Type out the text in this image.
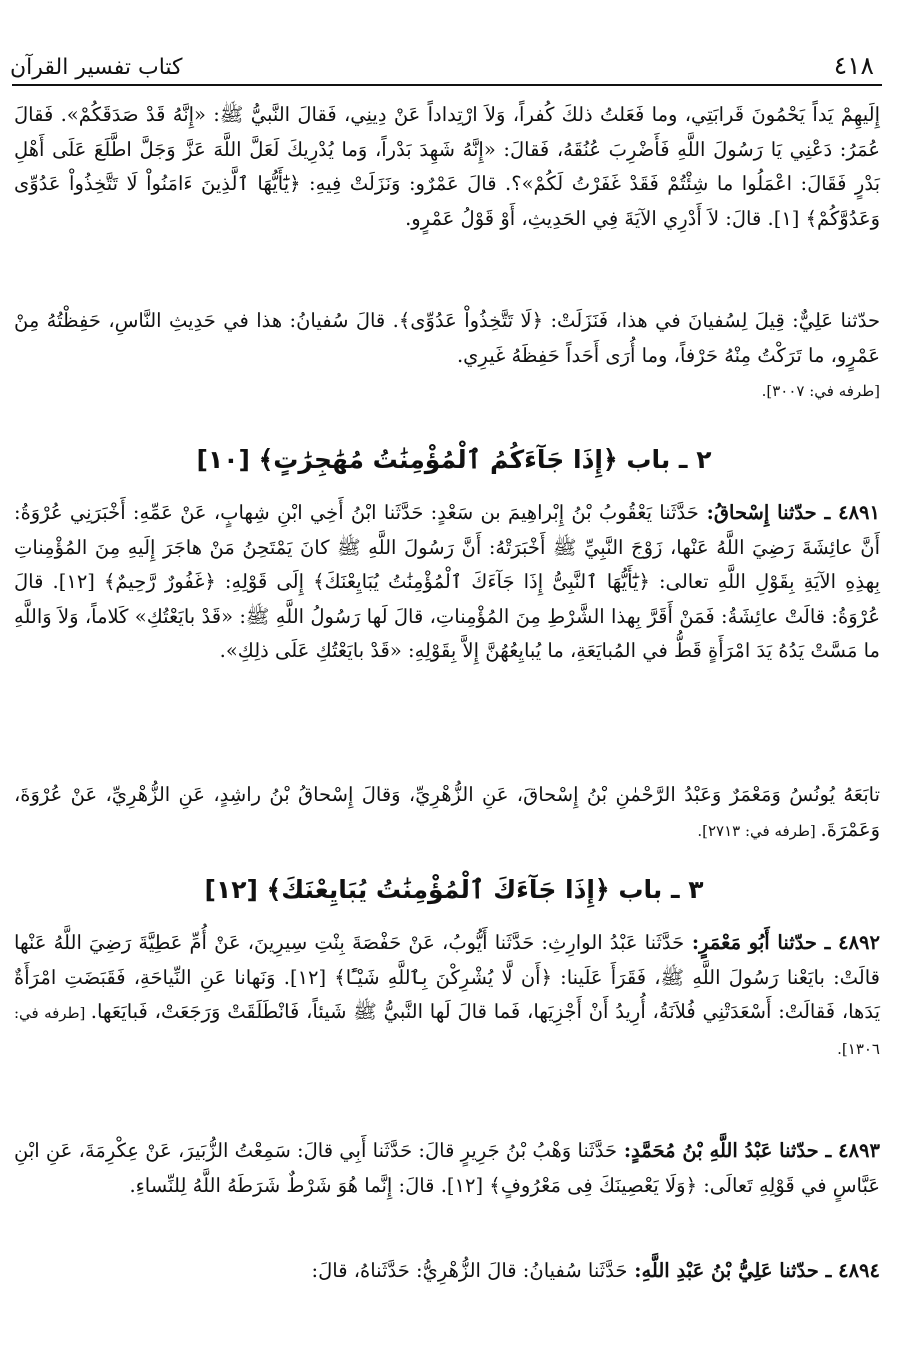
٤١٨
كتاب تفسير القرآن
إِلَيهِمْ يَداً يَحْمُونَ قَرابَتِي، وما فَعَلتُ ذلكَ كُفراً، وَلاَ ارْتِداداً عَنْ دِينِي، فَقالَ النَّبيُّ ﷺ: «إِنَّهُ قَدْ صَدَقَكُمْ». فَقالَ عُمَرُ: دَعْنِي يَا رَسُولَ اللَّهِ فَأَضْرِبَ عُنُقَهُ، فَقالَ: «إِنَّهُ شَهِدَ بَدْراً، وَما يُدْرِيكَ لَعَلَّ اللَّهَ عَزَّ وَجَلَّ اطَّلَعَ عَلَى أَهْلِ بَدْرٍ فَقَالَ: اعْمَلُوا ما شِئْتُمْ فَقَدْ غَفَرْتُ لَكُمْ»؟. قالَ عَمْرٌو: وَنَزَلَتْ فِيهِ: ﴿يَٰٓأَيُّهَا ٱلَّذِينَ ءَامَنُواْ لَا تَتَّخِذُواْ عَدُوِّى وَعَدُوَّكُمْ﴾ [١]. قالَ: لاَ أَدْرِي الآيَةَ فِي الحَدِيثِ، أَوْ قَوْلُ عَمْرٍو.
حدّثنا عَلِيٌّ: قِيلَ لِسُفيانَ في هذا، فَنَزَلَتْ: ﴿لَا تَتَّخِذُواْ عَدُوِّى﴾. قالَ سُفيانُ: هذا في حَدِيثِ النَّاسِ، حَفِظْتُهُ مِنْ عَمْرٍو، ما تَرَكْتُ مِنْهُ حَرْفاً، وما أُرَى أَحَداً حَفِظَهُ غَيرِي.
[طرفه في: ٣٠٠٧].
٢ ـ باب ﴿إِذَا جَآءَكُمُ ٱلْمُؤْمِنَٰتُ مُهَٰجِرَٰتٍ﴾ [١٠]
٤٨٩١ ـ حدّثنا إِسْحاقُ: حَدَّثَنا يَعْقُوبُ بْنُ إِبْراهِيمَ بن سَعْدٍ: حَدَّثَنا ابْنُ أَخِي ابْنِ شِهابٍ، عَنْ عَمِّهِ: أَخْبَرَنِي عُرْوَةُ: أَنَّ عائِشَةَ رَضِيَ اللَّهُ عَنْها، زَوْجَ النَّبِيِّ ﷺ أَخْبَرَتْهُ: أَنَّ رَسُولَ اللَّهِ ﷺ كانَ يَمْتَحِنُ مَنْ هاجَرَ إِلَيهِ مِنَ المُؤْمِناتِ بِهذِهِ الآيَةِ بِقَوْلِ اللَّهِ تعالى: ﴿يَٰٓأَيُّهَا ٱلنَّبِىُّ إِذَا جَآءَكَ ٱلْمُؤْمِنَٰتُ يُبَايِعْنَكَ﴾ إِلَى قَوْلِهِ: ﴿غَفُورٌ رَّحِيمٌ﴾ [١٢]. قالَ عُرْوَةُ: قالَتْ عائِشَةُ: فَمَنْ أَقَرَّ بِهذا الشَّرْطِ مِنَ المُؤْمِناتِ، قالَ لَها رَسُولُ اللَّهِ ﷺ: «قَدْ بايَعْتُكِ» كَلاماً، وَلاَ وَاللَّهِ ما مَسَّتْ يَدُهُ يَدَ امْرَأَةٍ قَطُّ في المُبايَعَةِ، ما يُبايِعُهُنَّ إِلاَّ بِقَوْلِهِ: «قَدْ بايَعْتُكِ عَلَى ذلِكِ».
تابَعَهُ يُونُسُ وَمَعْمَرٌ وَعَبْدُ الرَّحْمٰنِ بْنُ إِسْحاقَ، عَنِ الزُّهْرِيِّ، وَقالَ إِسْحاقُ بْنُ راشِدٍ، عَنِ الزُّهْرِيِّ، عَنْ عُرْوَةَ، وَعَمْرَةَ. [طرفه في: ٢٧١٣].
٣ ـ باب ﴿إِذَا جَآءَكَ ٱلْمُؤْمِنَٰتُ يُبَايِعْنَكَ﴾ [١٢]
٤٨٩٢ ـ حدّثنا أَبُو مَعْمَرٍ: حَدَّثَنا عَبْدُ الوارِثِ: حَدَّثَنا أَيُّوبُ، عَنْ حَفْصَةَ بِنْتِ سِيرِينَ، عَنْ أُمِّ عَطِيَّةَ رَضِيَ اللَّهُ عَنْها قالَتْ: بايَعْنا رَسُولَ اللَّهِ ﷺ، فَقَرَأَ عَلَينا: ﴿أَن لَّا يُشْرِكْنَ بِٱللَّهِ شَيْـًٔا﴾ [١٢]. وَنَهانا عَنِ النِّياحَةِ، فَقَبَضَتِ امْرَأَةٌ يَدَها، فَقالَتْ: أَسْعَدَتْنِي فُلاَنَةُ، أُرِيدُ أَنْ أَجْزِيَها، فَما قالَ لَها النَّبيُّ ﷺ شَيئاً، فَانْطَلَقَتْ وَرَجَعَتْ، فَبايَعَها. [طرفه في: ١٣٠٦].
٤٨٩٣ ـ حدّثنا عَبْدُ اللَّهِ بْنُ مُحَمَّدٍ: حَدَّثَنا وَهْبُ بْنُ جَرِيرٍ قالَ: حَدَّثَنا أَبِي قالَ: سَمِعْتُ الزُّبَيرَ، عَنْ عِكْرِمَةَ، عَنِ ابْنِ عَبَّاسٍ في قَوْلِهِ تَعالَى: ﴿وَلَا يَعْصِينَكَ فِى مَعْرُوفٍ﴾ [١٢]. قالَ: إِنَّما هُوَ شَرْطٌ شَرَطَهُ اللَّهُ لِلنِّساءِ.
٤٨٩٤ ـ حدّثنا عَلِيُّ بْنُ عَبْدِ اللَّهِ: حَدَّثَنا سُفيانُ: قالَ الزُّهْرِيُّ: حَدَّثَناهُ، قالَ:
